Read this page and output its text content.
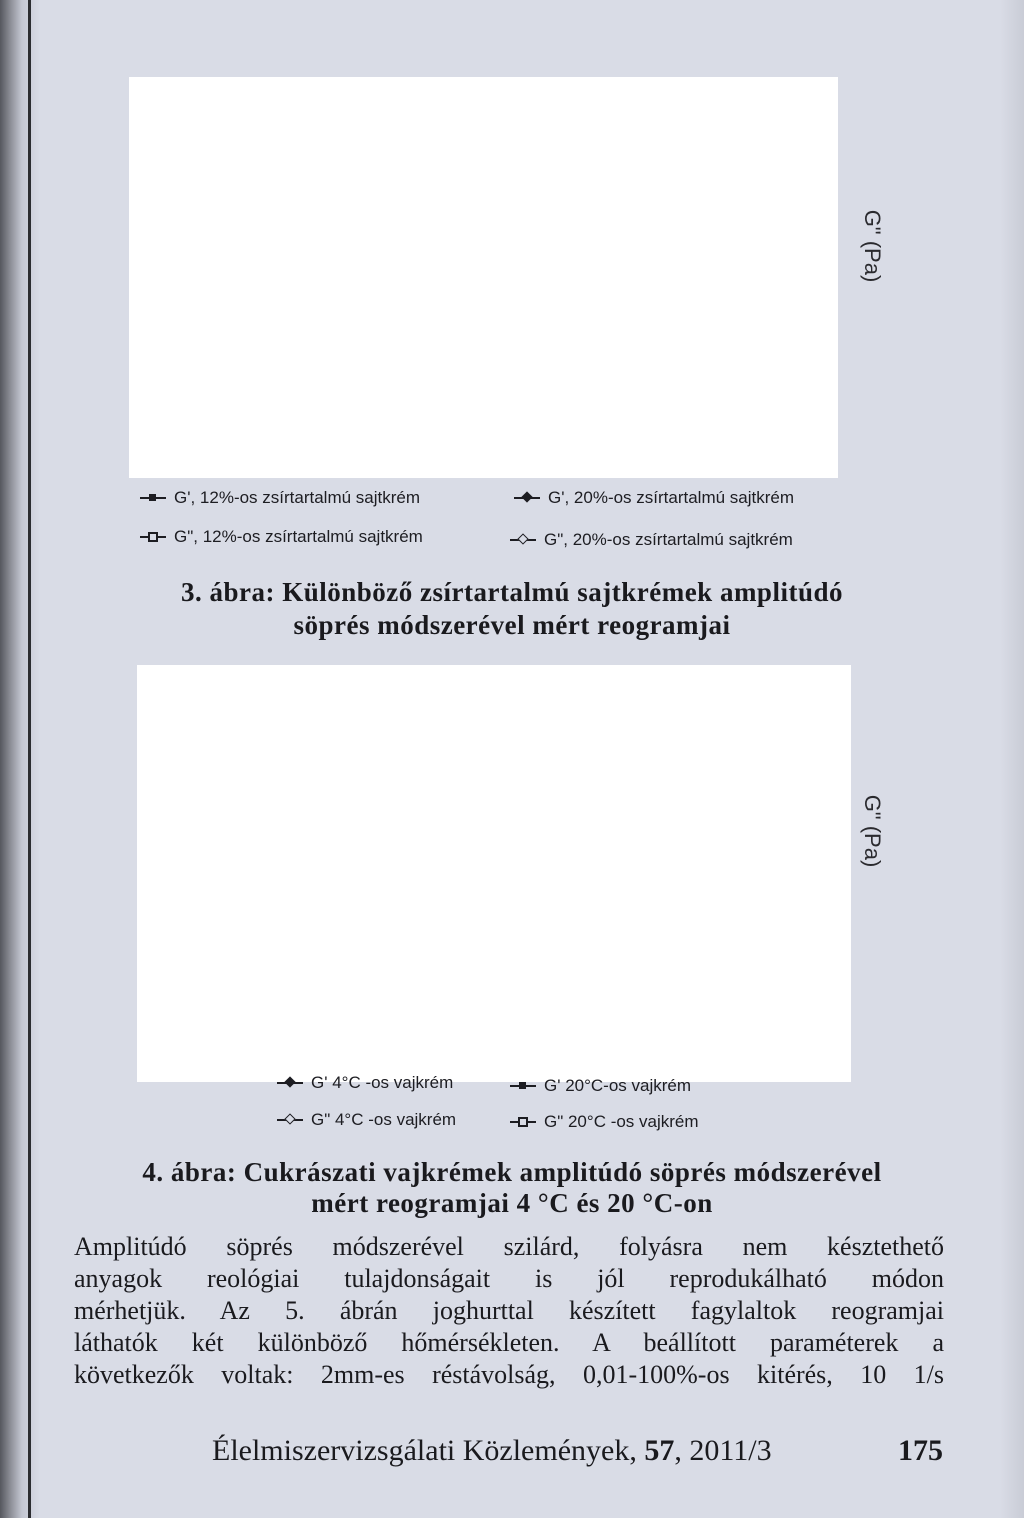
G" (Pa)
G', 12%-os zsírtartalmú sajtkrém	G', 20%-os zsírtartalmú sajtkrém
G", 12%-os zsírtartalmú sajtkrém	G", 20%-os zsírtartalmú sajtkrém
3. ábra: Különböző zsírtartalmú sajtkrémek amplitúdó
söprés módszerével mért reogramjai
G" (Pa)
G' 4°C -os vajkrém	G' 20°C-os vajkrém
G" 4°C -os vajkrém	G" 20°C -os vajkrém
4. ábra: Cukrászati vajkrémek amplitúdó söprés módszerével
mért reogramjai 4 °C és 20 °C-on
Amplitúdó söprés módszerével szilárd, folyásra nem késztethető
anyagok reológiai tulajdonságait is jól reprodukálható módon
mérhetjük. Az 5. ábrán joghurttal készített fagylaltok reogramjai
láthatók két különböző hőmérsékleten. A beállított paraméterek a
következők voltak: 2mm-es réstávolság, 0,01-100%-os kitérés, 10 1/s
Élelmiszervizsgálati Közlemények, 57, 2011/3	175
